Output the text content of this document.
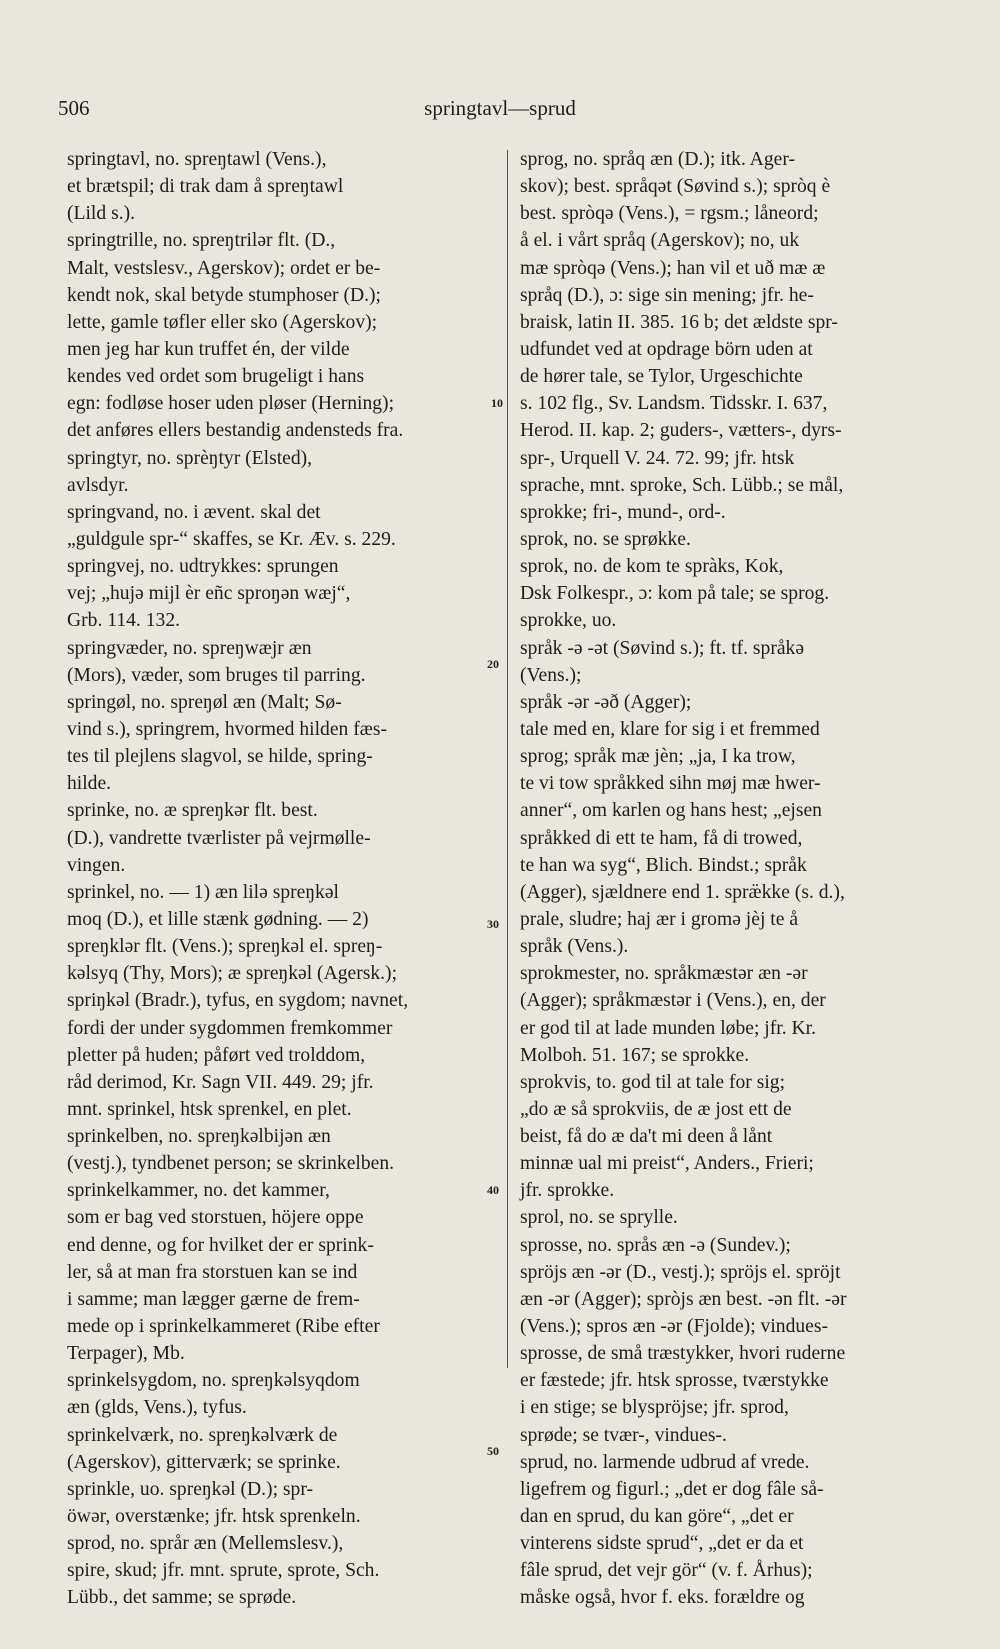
506	springtavl—sprud
10
20
30
40
50
springtavl, no. spreŋtawl (Vens.),
et brætspil; di trak dam å spreŋtawl
(Lild s.).
springtrille, no. spreŋtrilər flt. (D.,
Malt, vestslesv., Agerskov); ordet er be-
kendt nok, skal betyde stumphoser (D.);
lette, gamle tøfler eller sko (Agerskov);
men jeg har kun truffet én, der vilde
kendes ved ordet som brugeligt i hans
egn: fodløse hoser uden pløser (Herning);
det anføres ellers bestandig andensteds fra.
springtyr, no. sprèŋtyr (Elsted),
avlsdyr.
springvand, no. i ævent. skal det
„guldgule spr-“ skaffes, se Kr. Æv. s. 229.
springvej, no. udtrykkes: sprungen
vej; „hujə mijl èr eñc sproŋən wæj“,
Grb. 114. 132.
springvæder, no. spreŋwæjr æn
(Mors), væder, som bruges til parring.
springøl, no. spreŋøl æn (Malt; Sø-
vind s.), springrem, hvormed hilden fæs-
tes til plejlens slagvol, se hilde, spring-
hilde.
sprinke, no. æ spreŋkər flt. best.
(D.), vandrette tværlister på vejrmølle-
vingen.
sprinkel, no. — 1) æn lilə spreŋkəl
moq (D.), et lille stænk gødning. — 2)
spreŋklər flt. (Vens.); spreŋkəl el. spreŋ-
kəlsyq (Thy, Mors); æ spreŋkəl (Agersk.);
spriŋkəl (Bradr.), tyfus, en sygdom; navnet,
fordi der under sygdommen fremkommer
pletter på huden; påført ved trolddom,
råd derimod, Kr. Sagn VII. 449. 29; jfr.
mnt. sprinkel, htsk sprenkel, en plet.
sprinkelben, no. spreŋkəlbijən æn
(vestj.), tyndbenet person; se skrinkelben.
sprinkelkammer, no. det kammer,
som er bag ved storstuen, höjere oppe
end denne, og for hvilket der er sprink-
ler, så at man fra storstuen kan se ind
i samme; man lægger gærne de frem-
mede op i sprinkelkammeret (Ribe efter
Terpager), Mb.
sprinkelsygdom, no. spreŋkəlsyqdom
æn (glds, Vens.), tyfus.
sprinkelværk, no. spreŋkəlværk de
(Agerskov), gitterværk; se sprinke.
sprinkle, uo. spreŋkəl (D.); spr-
öwər, overstænke; jfr. htsk sprenkeln.
sprod, no. språr æn (Mellemslesv.),
spire, skud; jfr. mnt. sprute, sprote, Sch.
Lübb., det samme; se sprøde.
sprog, no. språq æn (D.); itk. Ager-
skov); best. språqət (Søvind s.); spròq è
best. spròqə (Vens.), = rgsm.; låneord;
å el. i vårt språq (Agerskov); no, uk
mæ spròqə (Vens.); han vil et uð mæ æ
språq (D.), ɔ: sige sin mening; jfr. he-
braisk, latin II. 385. 16 b; det ældste spr-
udfundet ved at opdrage börn uden at
de hører tale, se Tylor, Urgeschichte
s. 102 flg., Sv. Landsm. Tidsskr. I. 637,
Herod. II. kap. 2; guders-, vætters-, dyrs-
spr-, Urquell V. 24. 72. 99; jfr. htsk
sprache, mnt. sproke, Sch. Lübb.; se mål,
sprokke; fri-, mund-, ord-.
sprok, no. se sprøkke.
sprok, no. de kom te spràks, Kok,
Dsk Folkespr., ɔ: kom på tale; se sprog.
sprokke, uo.
språk -ə -ət (Søvind s.); ft. tf. språkə
(Vens.);
språk -ər -əð (Agger);
tale med en, klare for sig i et fremmed
sprog; språk mæ jèn; „ja, I ka trow,
te vi tow språkked sihn møj mæ hwer-
anner“, om karlen og hans hest; „ejsen
språkked di ett te ham, få di trowed,
te han wa syg“, Blich. Bindst.; språk
(Agger), sjældnere end 1. spræ̈kke (s. d.),
prale, sludre; haj ær i gromə jèj te å
språk (Vens.).
sprokmester, no. språkmæstər æn -ər
(Agger); språkmæstər i (Vens.), en, der
er god til at lade munden løbe; jfr. Kr.
Molboh. 51. 167; se sprokke.
sprokvis, to. god til at tale for sig;
„do æ så sprokviis, de æ jost ett de
beist, få do æ da't mi deen å lånt
minnæ ual mi preist“, Anders., Frieri;
jfr. sprokke.
sprol, no. se sprylle.
sprosse, no. språs æn -ə (Sundev.);
spröjs æn -ər (D., vestj.); spröjs el. spröjt
æn -ər (Agger); spròjs æn best. -ən flt. -ər
(Vens.); spros æn -ər (Fjolde); vindues-
sprosse, de små træstykker, hvori ruderne
er fæstede; jfr. htsk sprosse, tværstykke
i en stige; se blyspröjse; jfr. sprod,
sprøde; se tvær-, vindues-.
sprud, no. larmende udbrud af vrede.
ligefrem og figurl.; „det er dog fâle så-
dan en sprud, du kan göre“, „det er
vinterens sidste sprud“, „det er da et
fâle sprud, det vejr gör“ (v. f. Århus);
måske også, hvor f. eks. forældre og
